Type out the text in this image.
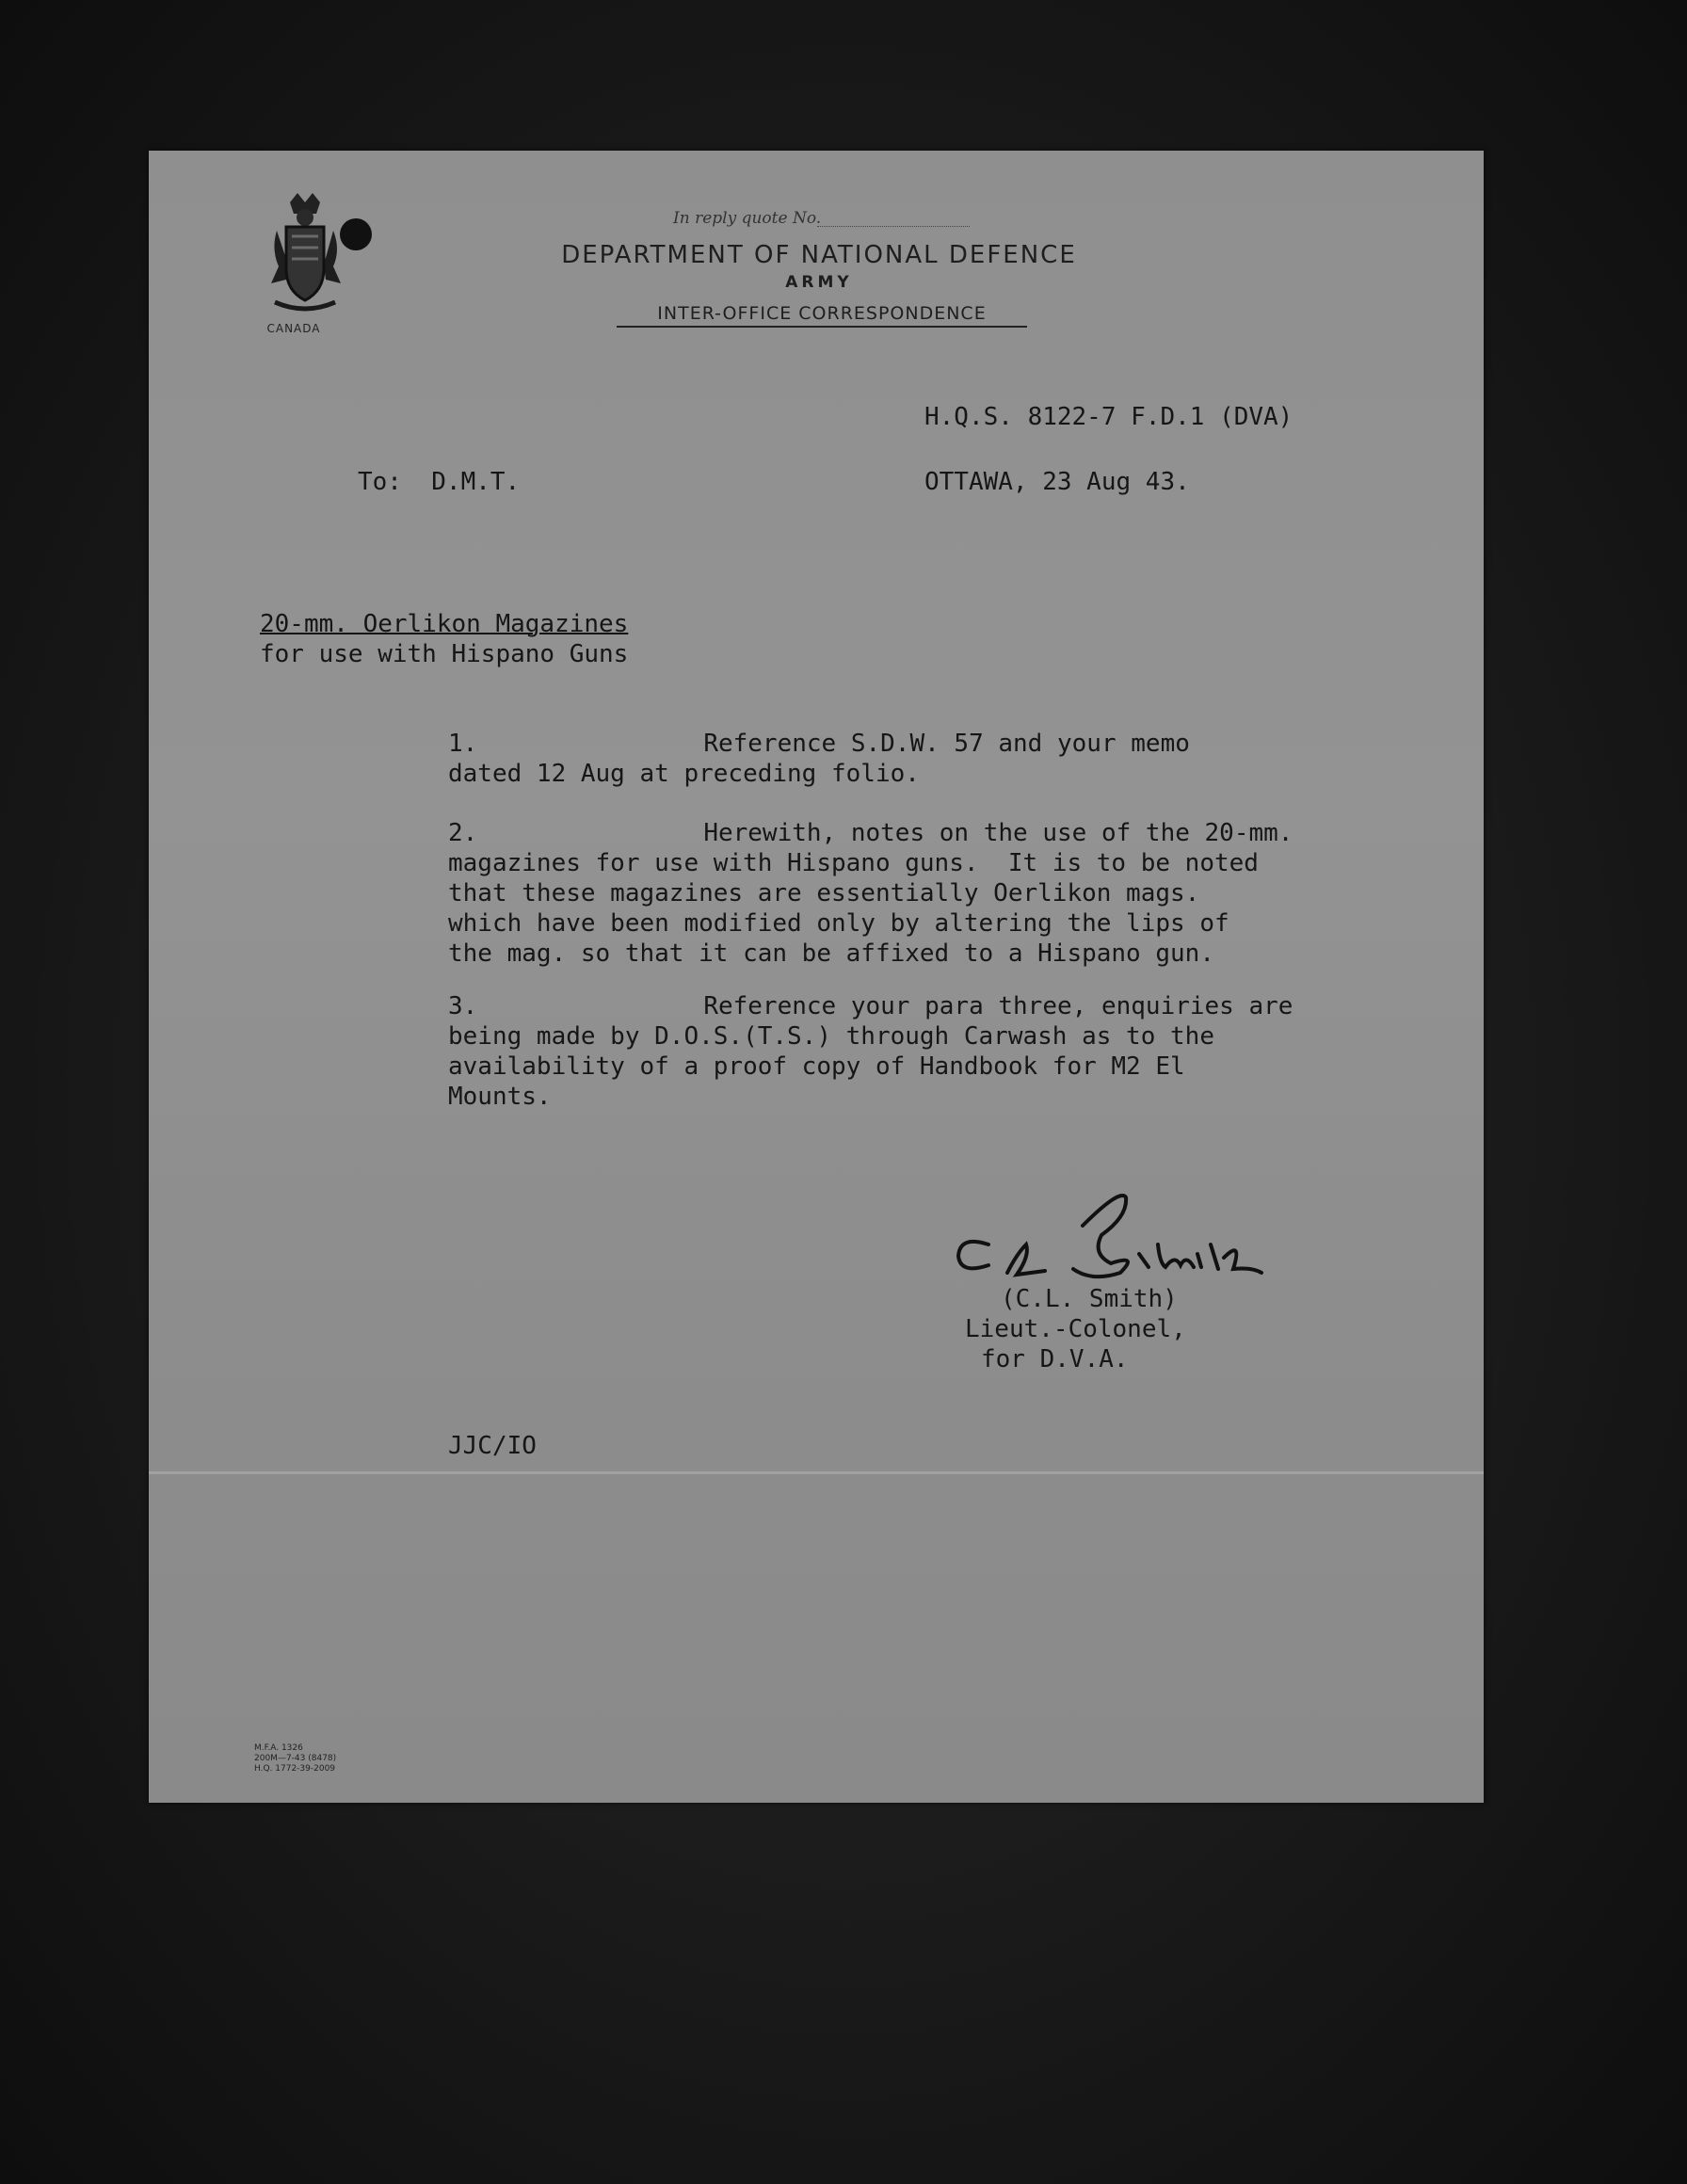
CANADA
In reply quote No.
DEPARTMENT OF NATIONAL DEFENCE
ARMY
INTER-OFFICE CORRESPONDENCE
H.Q.S. 8122-7 F.D.1 (DVA)
To:  D.M.T.	OTTAWA, 23 Aug 43.
20-mm. Oerlikon Magazines
for use with Hispano Guns
1.	Reference S.D.W. 57 and your memo
dated 12 Aug at preceding folio.
2.	Herewith, notes on the use of the 20-mm.
magazines for use with Hispano guns.  It is to be noted
that these magazines are essentially Oerlikon mags.
which have been modified only by altering the lips of
the mag. so that it can be affixed to a Hispano gun.
3.	Reference your para three, enquiries are
being made by D.O.S.(T.S.) through Carwash as to the
availability of a proof copy of Handbook for M2 El
Mounts.
(C.L. Smith)
Lieut.-Colonel,
for D.V.A.
JJC/IO
M.F.A. 1326
200M—7-43 (8478)
H.Q. 1772-39-2009
